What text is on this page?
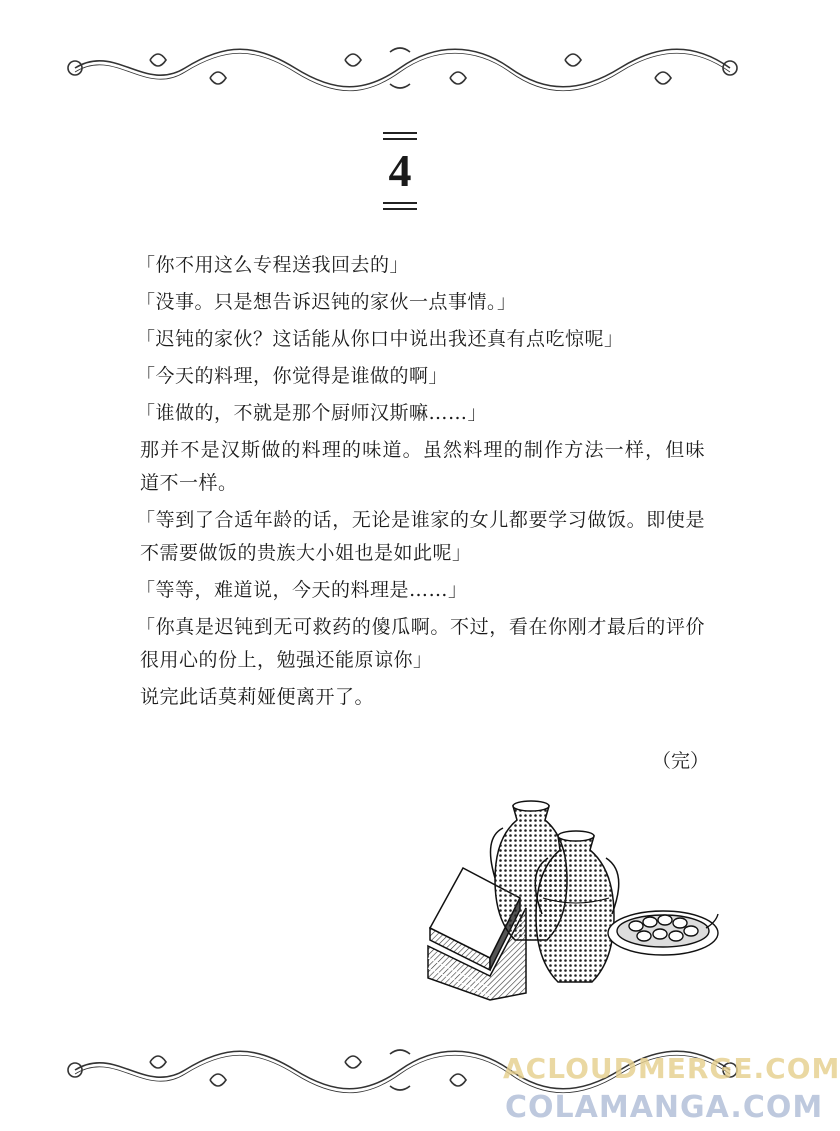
4

「你不用这么专程送我回去的」

「没事。只是想告诉迟钝的家伙一点事情。」

「迟钝的家伙？这话能从你口中说出我还真有点吃惊呢」

「今天的料理，你觉得是谁做的啊」

「谁做的，不就是那个厨师汉斯嘛……」

那并不是汉斯做的料理的味道。虽然料理的制作方法一样，但味道不一样。

「等到了合适年龄的话，无论是谁家的女儿都要学习做饭。即使是不需要做饭的贵族大小姐也是如此呢」

「等等，难道说，今天的料理是……」

「你真是迟钝到无可救药的傻瓜啊。不过，看在你刚才最后的评价很用心的份上，勉强还能原谅你」

说完此话莫莉娅便离开了。

（完）
ACLOUDMERGE.COM
COLAMANGA.COM
